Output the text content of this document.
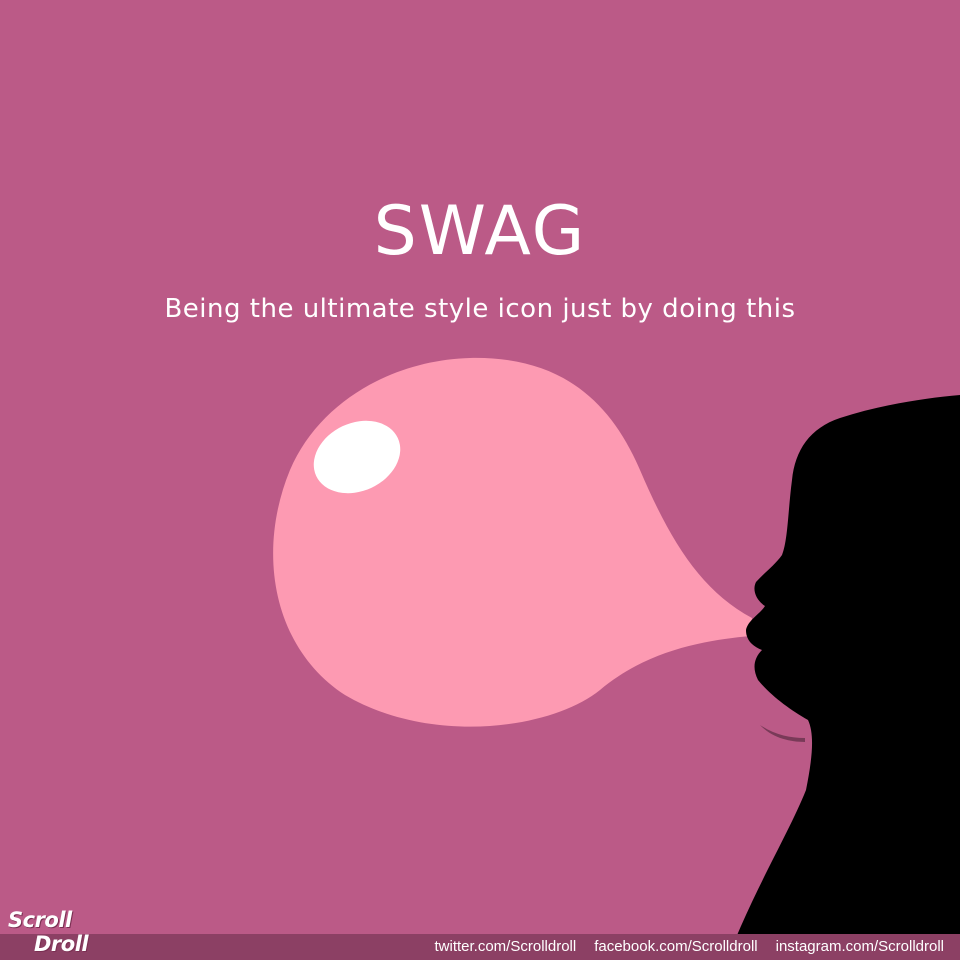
SWAG

Being the ultimate style icon just by doing this

Scroll
Droll	twitter.com/Scrolldroll facebook.com/Scrolldroll instagram.com/Scrolldroll
